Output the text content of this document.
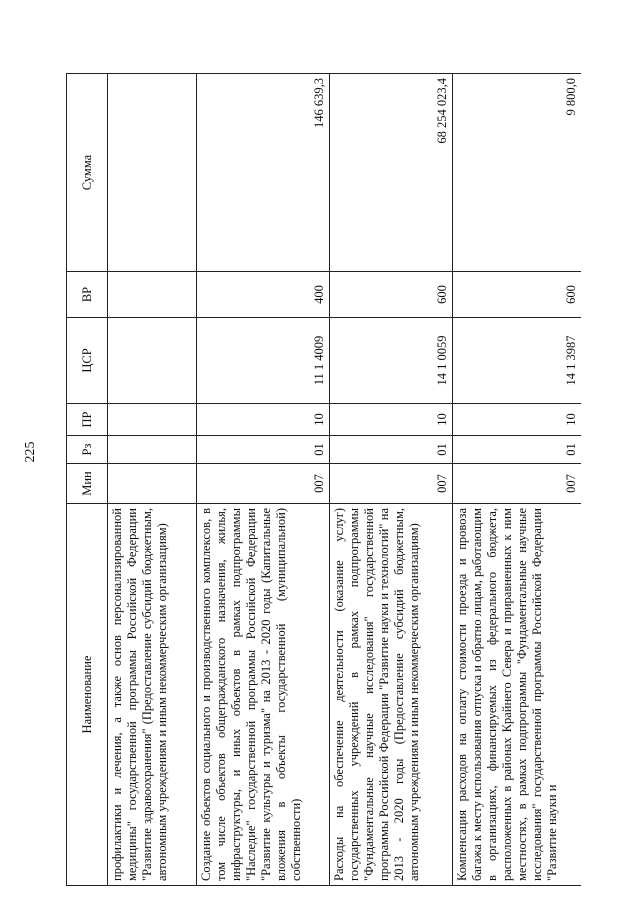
225
Наименование	Мин	Рз	ПР	ЦСР	ВР	Сумма
профилактики и лечения, а также основ персонализированной медицины" государственной программы Российской Федерации "Развитие здравоохранения" (Предоставление субсидий бюджетным, автономным учреждениям и иным некоммерческим организациям)						
Создание объектов социального и производственного комплексов, в том числе объектов общегражданского назначения, жилья, инфраструктуры, и иных объектов в рамках подпрограммы "Наследие" государственной программы Российской Федерации "Развитие культуры и туризма" на 2013 - 2020 годы (Капитальные вложения в объекты государственной (муниципальной) собственности)	007	01	10	11 1 4009	400	146 639,3
Расходы на обеспечение деятельности (оказание услуг) государственных учреждений в рамках подпрограммы "Фундаментальные научные исследования" государственной программы Российской Федерации "Развитие науки и технологий" на 2013 - 2020 годы (Предоставление субсидий бюджетным, автономным учреждениям и иным некоммерческим организациям)	007	01	10	14 1 0059	600	68 254 023,4
Компенсация расходов на оплату стоимости проезда и провоза багажа к месту использования отпуска и обратно лицам, работающим в организациях, финансируемых из федерального бюджета, расположенных в районах Крайнего Севера и приравненных к ним местностях, в рамках подпрограммы "Фундаментальные научные исследования" государственной программы Российской Федерации "Развитие науки и	007	01	10	14 1 3987	600	9 800,0
